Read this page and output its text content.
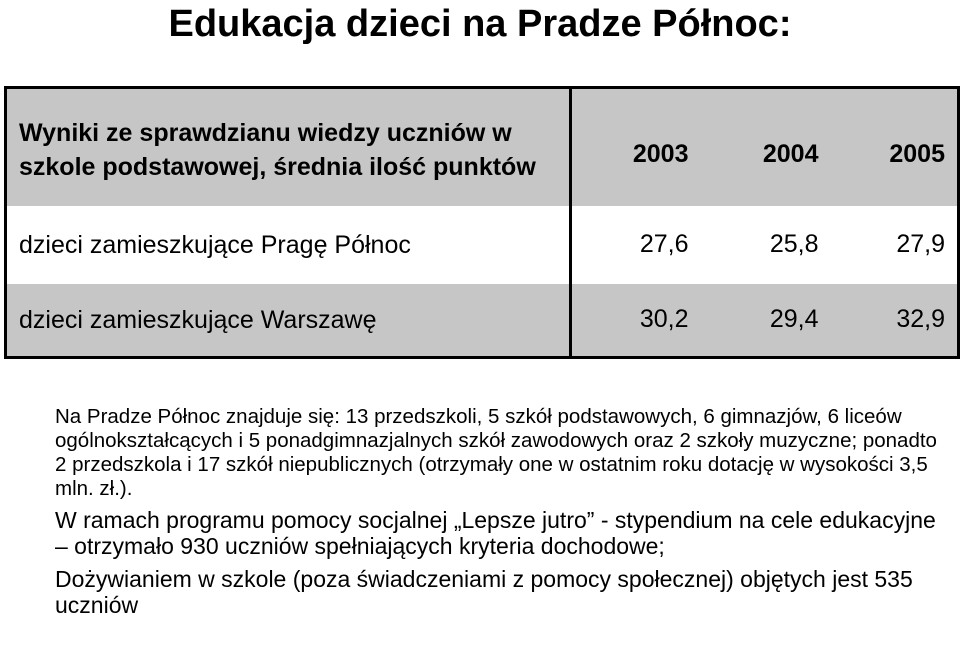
Edukacja dzieci na Pradze Północ:
Wyniki ze sprawdzianu wiedzy uczniów w szkole podstawowej, średnia ilość punktów	2003	2004	2005
dzieci zamieszkujące Pragę Północ	27,6	25,8	27,9
dzieci zamieszkujące Warszawę	30,2	29,4	32,9

Na Pradze Północ znajduje się: 13 przedszkoli, 5 szkół podstawowych, 6 gimnazjów, 6 liceów ogólnokształcących i 5 ponadgimnazjalnych szkół zawodowych oraz 2 szkoły muzyczne; ponadto 2 przedszkola i 17 szkół niepublicznych (otrzymały one w ostatnim roku dotację w wysokości 3,5 mln. zł.).

W ramach programu pomocy socjalnej „Lepsze jutro” - stypendium na cele edukacyjne – otrzymało 930 uczniów spełniających kryteria dochodowe;

Dożywianiem w szkole (poza świadczeniami z pomocy społecznej) objętych jest 535 uczniów
